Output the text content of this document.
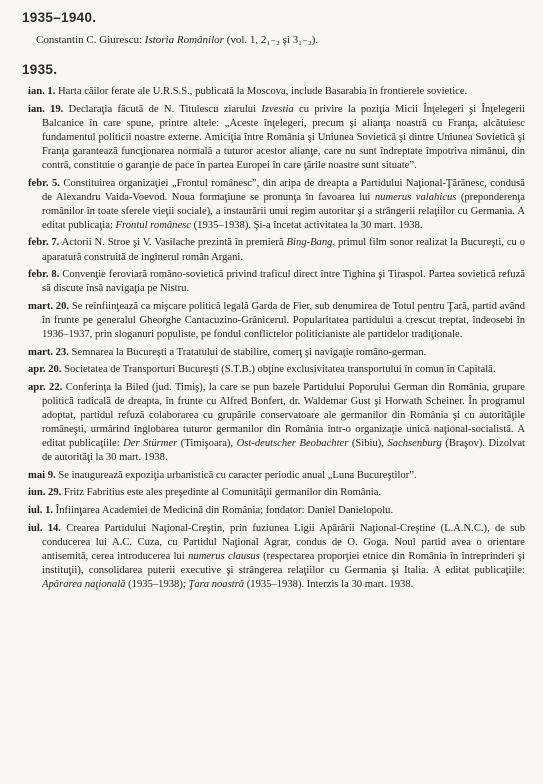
1935–1940.
Constantin C. Giurescu: Istoria Românilor (vol. 1, 2₁₋₂ şi 3₁₋₂).
1935.
ian. 1. Harta căilor ferate ale U.R.S.S., publicată la Moscova, include Basarabia în frontierele sovietice.
ian. 19. Declaraţia făcută de N. Titulescu ziarului Izvestia cu privire la poziţia Micii Înţelegeri şi Înţelegerii Balcanice în care spune, printre altele: „Aceste înţelegeri, precum şi alianţa noastră cu Franţa, alcătuiesc fundamentul politicii noastre externe. Amiciţia între România şi Uniunea Sovietică şi dintre Uniunea Sovietică şi Franţa garantează funcţionarea normală a tuturor acestor alianţe, care nu sunt îndreptate împotriva nimănui, din contră, constituie o garanţie de pace în partea Europei în care ţările noastre sunt situate”.
febr. 5. Constituirea organizaţiei „Frontul românesc”, din aripa de dreapta a Partidului Naţional-Ţărănesc, condusă de Alexandru Vaida-Voevod. Noua formaţiune se pronunţa în favoarea lui numerus valahicus (preponderenţa românilor în toate sferele vieţii sociale), a instaurării unui regim autoritar şi a strângerii relaţiilor cu Germania. A editat publicaţia: Frontul românesc (1935–1938). Şi-a încetat activitatea la 30 mart. 1938.
febr. 7. Actorii N. Stroe şi V. Vasilache prezintă în premieră Bing-Bang, primul film sonor realizat la Bucureşti, cu o aparatură construită de inginerul român Argani.
febr. 8. Convenţie feroviară româno-sovietică privind traficul direct între Tighina şi Tiraspol. Partea sovietică refuză să discute însă navigaţia pe Nistru.
mart. 20. Se reînfiinţează ca mişcare politică legală Garda de Fier, sub denumirea de Totul pentru Ţară, partid având în frunte pe generalul Gheorghe Cantacuzino-Grănicerul. Popularitatea partidului a crescut treptat, îndeosebi în 1936–1937, prin sloganuri populiste, pe fondul conflictelor politicianiste ale partidelor tradiţionale.
mart. 23. Semnarea la Bucureşti a Tratatului de stabilire, comerţ şi navigaţie româno-german.
apr. 20. Societatea de Transporturi Bucureşti (S.T.B.) obţine exclusivitatea transportului în comun în Capitală.
apr. 22. Conferinţa la Biled (jud. Timiş), la care se pun bazele Partidului Poporului German din România, grupare politică radicală de dreapta, în frunte cu Alfred Bonfert, dr. Waldemar Gust şi Horwath Scheiner. În programul adoptat, partidul refuză colaborarea cu grupările conservatoare ale germanilor din România şi cu autorităţile româneşti, urmărind înglobarea tuturor germanilor din România într-o organizaţie unică naţional-socialistă. A editat publicaţiile: Der Stürmer (Timişoara), Ost-deutscher Beobachter (Sibiu), Sachsenburg (Braşov). Dizolvat de autorităţi la 30 mart. 1938.
mai 9. Se inaugurează expoziţia urbanistică cu caracter periodic anual „Luna Bucureştilor”.
iun. 29. Fritz Fabritius este ales preşedinte al Comunităţii germanilor din România.
iul. 1. Înfiinţarea Academiei de Medicină din România; fondator: Daniel Danielopolu.
iul. 14. Crearea Partidului Naţional-Creştin, prin fuziunea Ligii Apărării Naţional-Creştine (L.A.N.C.), de sub conducerea lui A.C. Cuza, cu Partidul Naţional Agrar, condus de O. Goga. Noul partid avea o orientare antisemită, cerea introducerea lui numerus clausus (respectarea proporţiei etnice din România în întreprinderi şi instituţii), consolidarea puterii executive şi strângerea relaţiilor cu Germania şi Italia. A editat publicaţiile: Apărarea naţională (1935–1938); Ţara noastră (1935–1938). Interzis la 30 mart. 1938.
